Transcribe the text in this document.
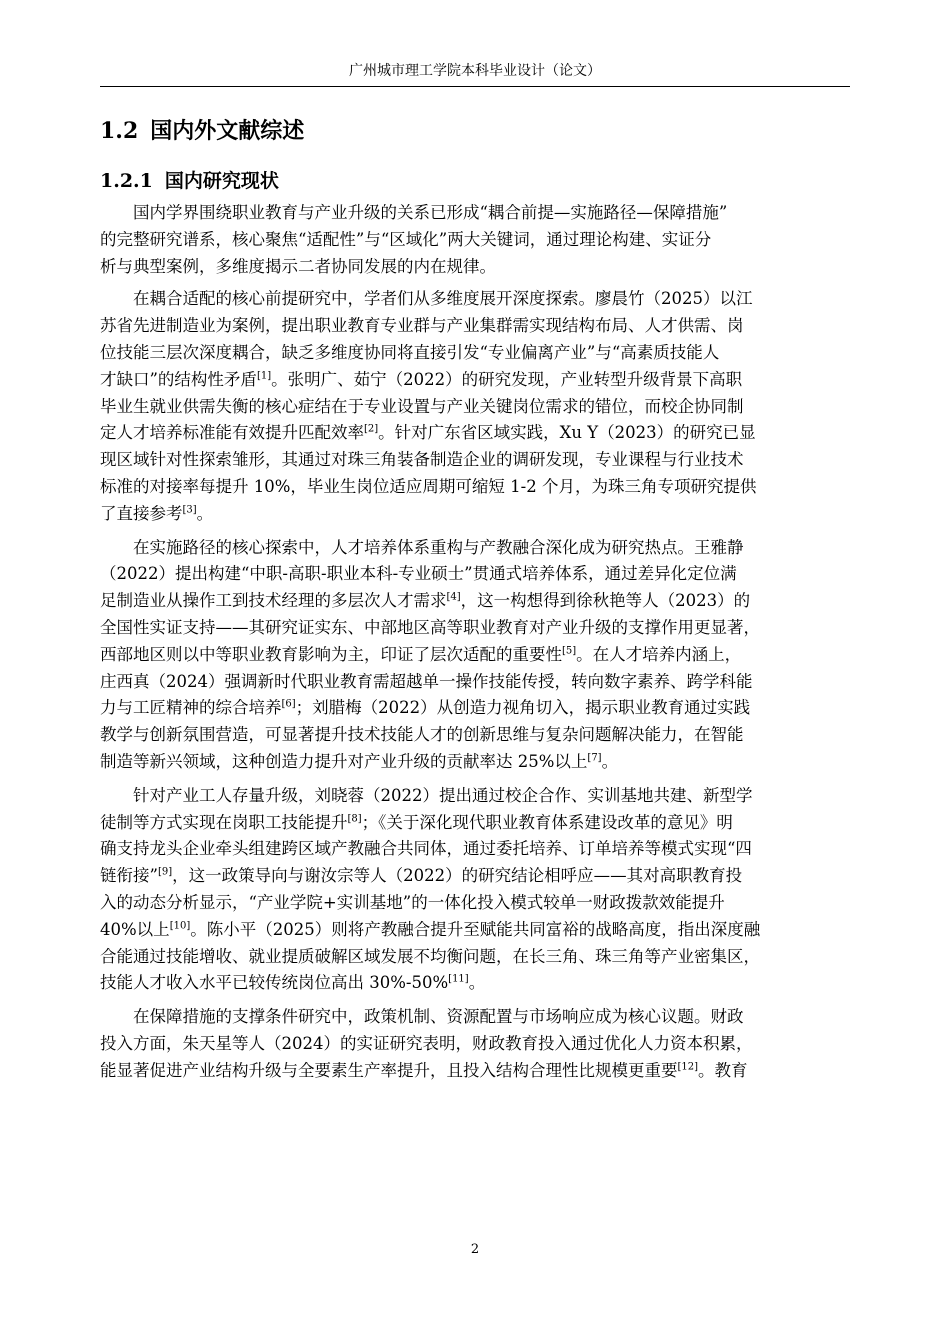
广州城市理工学院本科毕业设计（论文）
1.2 国内外文献综述
1.2.1 国内研究现状

　　国内学界围绕职业教育与产业升级的关系已形成“耦合前提—实施路径—保障措施”
的完整研究谱系，核心聚焦“适配性”与“区域化”两大关键词，通过理论构建、实证分
析与典型案例，多维度揭示二者协同发展的内在规律。

　　在耦合适配的核心前提研究中，学者们从多维度展开深度探索。廖晨竹（2025）以江
苏省先进制造业为案例，提出职业教育专业群与产业集群需实现结构布局、人才供需、岗
位技能三层次深度耦合，缺乏多维度协同将直接引发“专业偏离产业”与“高素质技能人
才缺口”的结构性矛盾[1]。张明广、茹宁（2022）的研究发现，产业转型升级背景下高职
毕业生就业供需失衡的核心症结在于专业设置与产业关键岗位需求的错位，而校企协同制
定人才培养标准能有效提升匹配效率[2]。针对广东省区域实践，Xu Y（2023）的研究已显
现区域针对性探索雏形，其通过对珠三角装备制造企业的调研发现，专业课程与行业技术
标准的对接率每提升 10%，毕业生岗位适应周期可缩短 1-2 个月，为珠三角专项研究提供
了直接参考[3]。

　　在实施路径的核心探索中，人才培养体系重构与产教融合深化成为研究热点。王雅静
（2022）提出构建“中职-高职-职业本科-专业硕士”贯通式培养体系，通过差异化定位满
足制造业从操作工到技术经理的多层次人才需求[4]，这一构想得到徐秋艳等人（2023）的
全国性实证支持——其研究证实东、中部地区高等职业教育对产业升级的支撑作用更显著，
西部地区则以中等职业教育影响为主，印证了层次适配的重要性[5]。在人才培养内涵上，
庄西真（2024）强调新时代职业教育需超越单一操作技能传授，转向数字素养、跨学科能
力与工匠精神的综合培养[6]；刘腊梅（2022）从创造力视角切入，揭示职业教育通过实践
教学与创新氛围营造，可显著提升技术技能人才的创新思维与复杂问题解决能力，在智能
制造等新兴领域，这种创造力提升对产业升级的贡献率达 25%以上[7]。

　　针对产业工人存量升级，刘晓蓉（2022）提出通过校企合作、实训基地共建、新型学
徒制等方式实现在岗职工技能提升[8]；《关于深化现代职业教育体系建设改革的意见》明
确支持龙头企业牵头组建跨区域产教融合共同体，通过委托培养、订单培养等模式实现“四
链衔接”[9]，这一政策导向与谢汝宗等人（2022）的研究结论相呼应——其对高职教育投
入的动态分析显示，“产业学院+实训基地”的一体化投入模式较单一财政拨款效能提升
40%以上[10]。陈小平（2025）则将产教融合提升至赋能共同富裕的战略高度，指出深度融
合能通过技能增收、就业提质破解区域发展不均衡问题，在长三角、珠三角等产业密集区，
技能人才收入水平已较传统岗位高出 30%-50%[11]。

　　在保障措施的支撑条件研究中，政策机制、资源配置与市场响应成为核心议题。财政
投入方面，朱天星等人（2024）的实证研究表明，财政教育投入通过优化人力资本积累，
能显著促进产业结构升级与全要素生产率提升，且投入结构合理性比规模更重要[12]。教育

2
